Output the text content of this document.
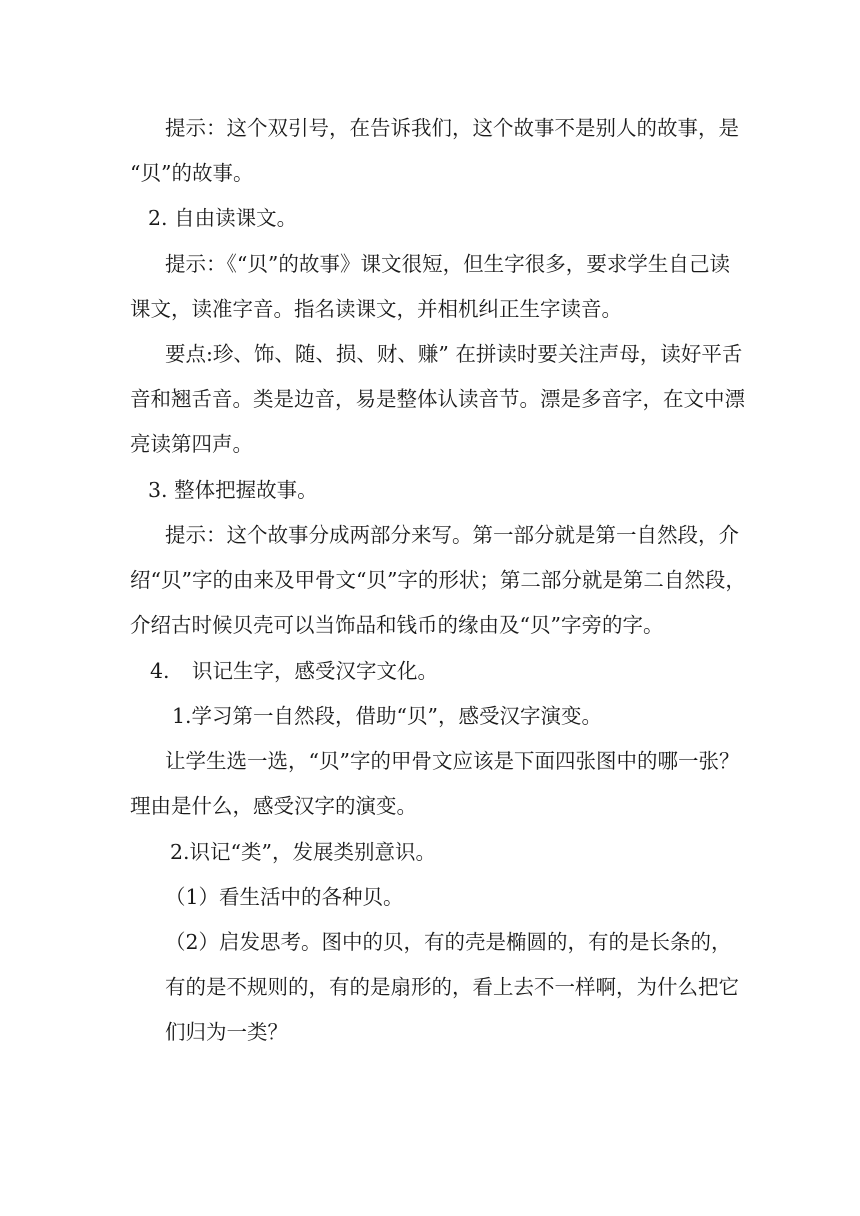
提示：这个双引号，在告诉我们，这个故事不是别人的故事，是
“贝”的故事。
2. 自由读课文。
提示：《“贝”的故事》课文很短，但生字很多，要求学生自己读
课文，读准字音。指名读课文，并相机纠正生字读音。
要点:珍、饰、随、损、财、赚” 在拼读时要关注声母，读好平舌
音和翘舌音。类是边音，易是整体认读音节。漂是多音字，在文中漂
亮读第四声。
3. 整体把握故事。
提示：这个故事分成两部分来写。第一部分就是第一自然段，介
绍“贝”字的由来及甲骨文“贝”字的形状；第二部分就是第二自然段，
介绍古时候贝壳可以当饰品和钱币的缘由及“贝”字旁的字。
4.	识记生字，感受汉字文化。
1.学习第一自然段，借助“贝”，感受汉字演变。
让学生选一选，“贝”字的甲骨文应该是下面四张图中的哪一张？
理由是什么，感受汉字的演变。
2.识记“类”，发展类别意识。
（1）看生活中的各种贝。
（2）启发思考。图中的贝，有的壳是椭圆的，有的是长条的，
有的是不规则的，有的是扇形的，看上去不一样啊，为什么把它
们归为一类？
